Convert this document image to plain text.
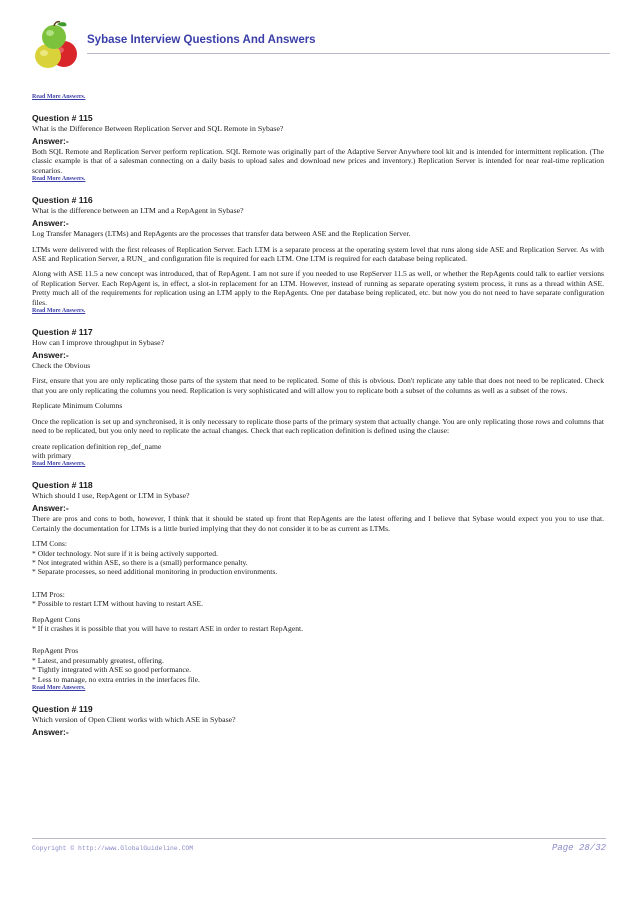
Sybase Interview Questions And Answers
Read More Answers.
Question # 115
What is the Difference Between Replication Server and SQL Remote in Sybase?
Answer:-

Both SQL Remote and Replication Server perform replication. SQL Remote was originally part of the Adaptive Server Anywhere tool kit and is intended for intermittent replication. (The classic example is that of a salesman connecting on a daily basis to upload sales and download new prices and inventory.) Replication Server is intended for near real-time replication scenarios.

Read More Answers.
Question # 116
What is the difference between an LTM and a RepAgent in Sybase?
Answer:-

Log Transfer Managers (LTMs) and RepAgents are the processes that transfer data between ASE and the Replication Server.

LTMs were delivered with the first releases of Replication Server. Each LTM is a separate process at the operating system level that runs along side ASE and Replication Server. As with ASE and Replication Server, a RUN_ and configuration file is required for each LTM. One LTM is required for each database being replicated.

Along with ASE 11.5 a new concept was introduced, that of RepAgent. I am not sure if you needed to use RepServer 11.5 as well, or whether the RepAgents could talk to earlier versions of Replication Server. Each RepAgent is, in effect, a slot-in replacement for an LTM. However, instead of running as separate operating system process, it runs as a thread within ASE. Pretty much all of the requirements for replication using an LTM apply to the RepAgents. One per database being replicated, etc. but now you do not need to have separate configuration files.

Read More Answers.
Question # 117
How can I improve throughput in Sybase?
Answer:-

Check the Obvious

First, ensure that you are only replicating those parts of the system that need to be replicated. Some of this is obvious. Don't replicate any table that does not need to be replicated. Check that you are only replicating the columns you need. Replication is very sophisticated and will allow you to replicate both a subset of the columns as well as a subset of the rows.

Replicate Minimum Columns

Once the replication is set up and synchronised, it is only necessary to replicate those parts of the primary system that actually change. You are only replicating those rows and columns that need to be replicated, but you only need to replicate the actual changes. Check that each replication definition is defined using the clause:

create replication definition rep_def_name

with primary

Read More Answers.
Question # 118
Which should I use, RepAgent or LTM in Sybase?
Answer:-

There are pros and cons to both, however, I think that it should be stated up front that RepAgents are the latest offering and I believe that Sybase would expect you you to use that. Certainly the documentation for LTMs is a little buried implying that they do not consider it to be as current as LTMs.

LTM Cons:

* Older technology. Not sure if it is being actively supported.

* Not integrated within ASE, so there is a (small) performance penalty.

* Separate processes, so need additional monitoring in production environments.

LTM Pros:

* Possible to restart LTM without having to restart ASE.

RepAgent Cons

* If it crashes it is possible that you will have to restart ASE in order to restart RepAgent.

RepAgent Pros

* Latest, and presumably greatest, offering.

* Tightly integrated with ASE so good performance.

* Less to manage, no extra entries in the interfaces file.

Read More Answers.
Question # 119
Which version of Open Client works with which ASE in Sybase?
Answer:-
Copyright © http://www.GlobalGuideline.COM	Page 28/32
